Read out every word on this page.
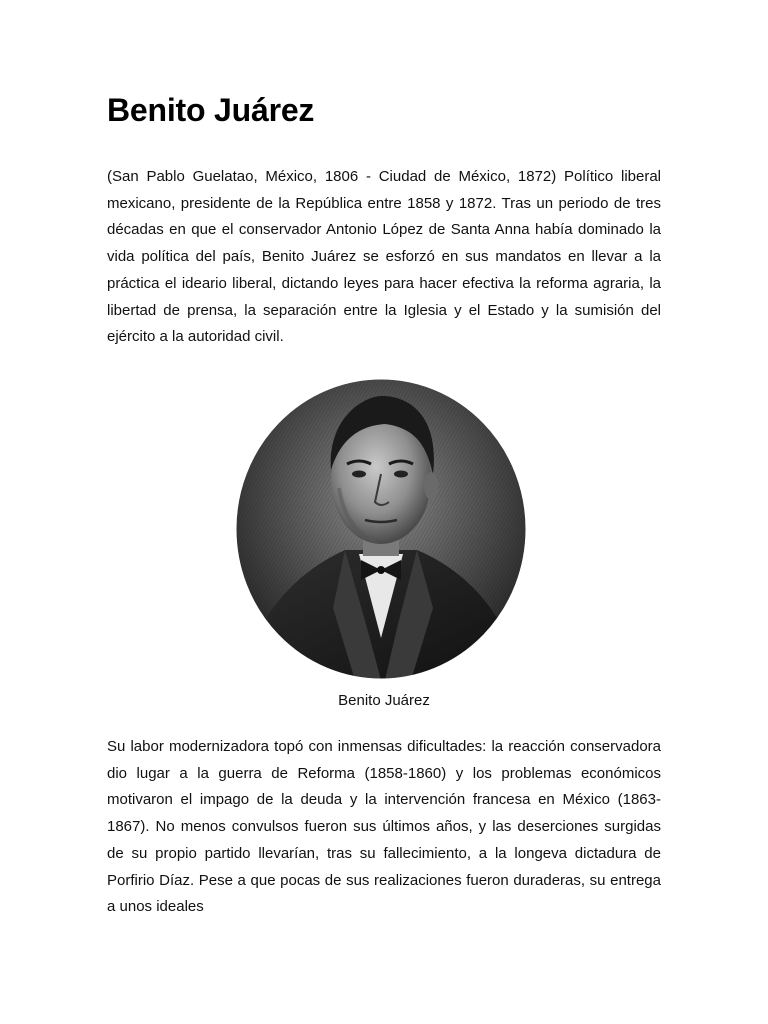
Benito Juárez

(San Pablo Guelatao, México, 1806 - Ciudad de México, 1872) Político liberal mexicano, presidente de la República entre 1858 y 1872. Tras un periodo de tres décadas en que el conservador Antonio López de Santa Anna había dominado la vida política del país, Benito Juárez se esforzó en sus mandatos en llevar a la práctica el ideario liberal, dictando leyes para hacer efectiva la reforma agraria, la libertad de prensa, la separación entre la Iglesia y el Estado y la sumisión del ejército a la autoridad civil.

Benito Juárez

Su labor modernizadora topó con inmensas dificultades: la reacción conservadora dio lugar a la guerra de Reforma (1858-1860) y los problemas económicos motivaron el impago de la deuda y la intervención francesa en México (1863-1867). No menos convulsos fueron sus últimos años, y las deserciones surgidas de su propio partido llevarían, tras su fallecimiento, a la longeva dictadura de Porfirio Díaz. Pese a que pocas de sus realizaciones fueron duraderas, su entrega a unos ideales
